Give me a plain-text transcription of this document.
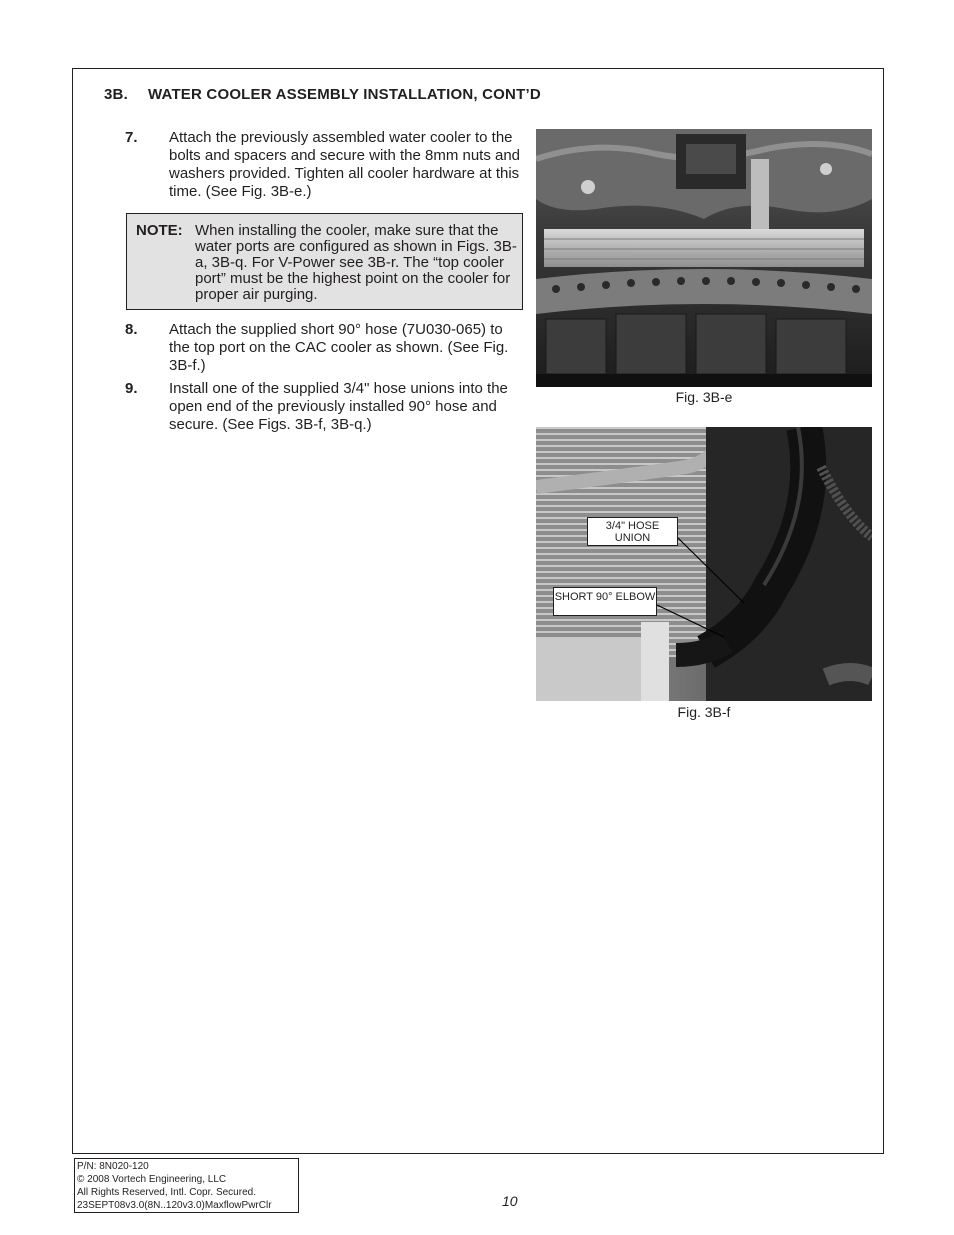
3B. WATER COOLER ASSEMBLY INSTALLATION, CONT’D
7. Attach the previously assembled water cooler to the bolts and spacers and secure with the 8mm nuts and washers provided. Tighten all cooler hardware at this time. (See Fig. 3B-e.)
NOTE: When installing the cooler, make sure that the water ports are configured as shown in Figs. 3B-a, 3B-q. For V-Power see 3B-r. The “top cooler port” must be the highest point on the cooler for proper air purging.
8. Attach the supplied short 90° hose (7U030-065) to the top port on the CAC cooler as shown. (See Fig. 3B-f.)
9. Install one of the supplied 3/4" hose unions into the open end of the previously installed 90° hose and secure. (See Figs. 3B-f, 3B-q.)
Fig. 3B-e
3/4" HOSE UNION
SHORT 90° ELBOW
Fig. 3B-f
P/N: 8N020-120
© 2008 Vortech Engineering, LLC
All Rights Reserved, Intl. Copr. Secured.
23SEPT08v3.0(8N..120v3.0)MaxflowPwrClr	10
